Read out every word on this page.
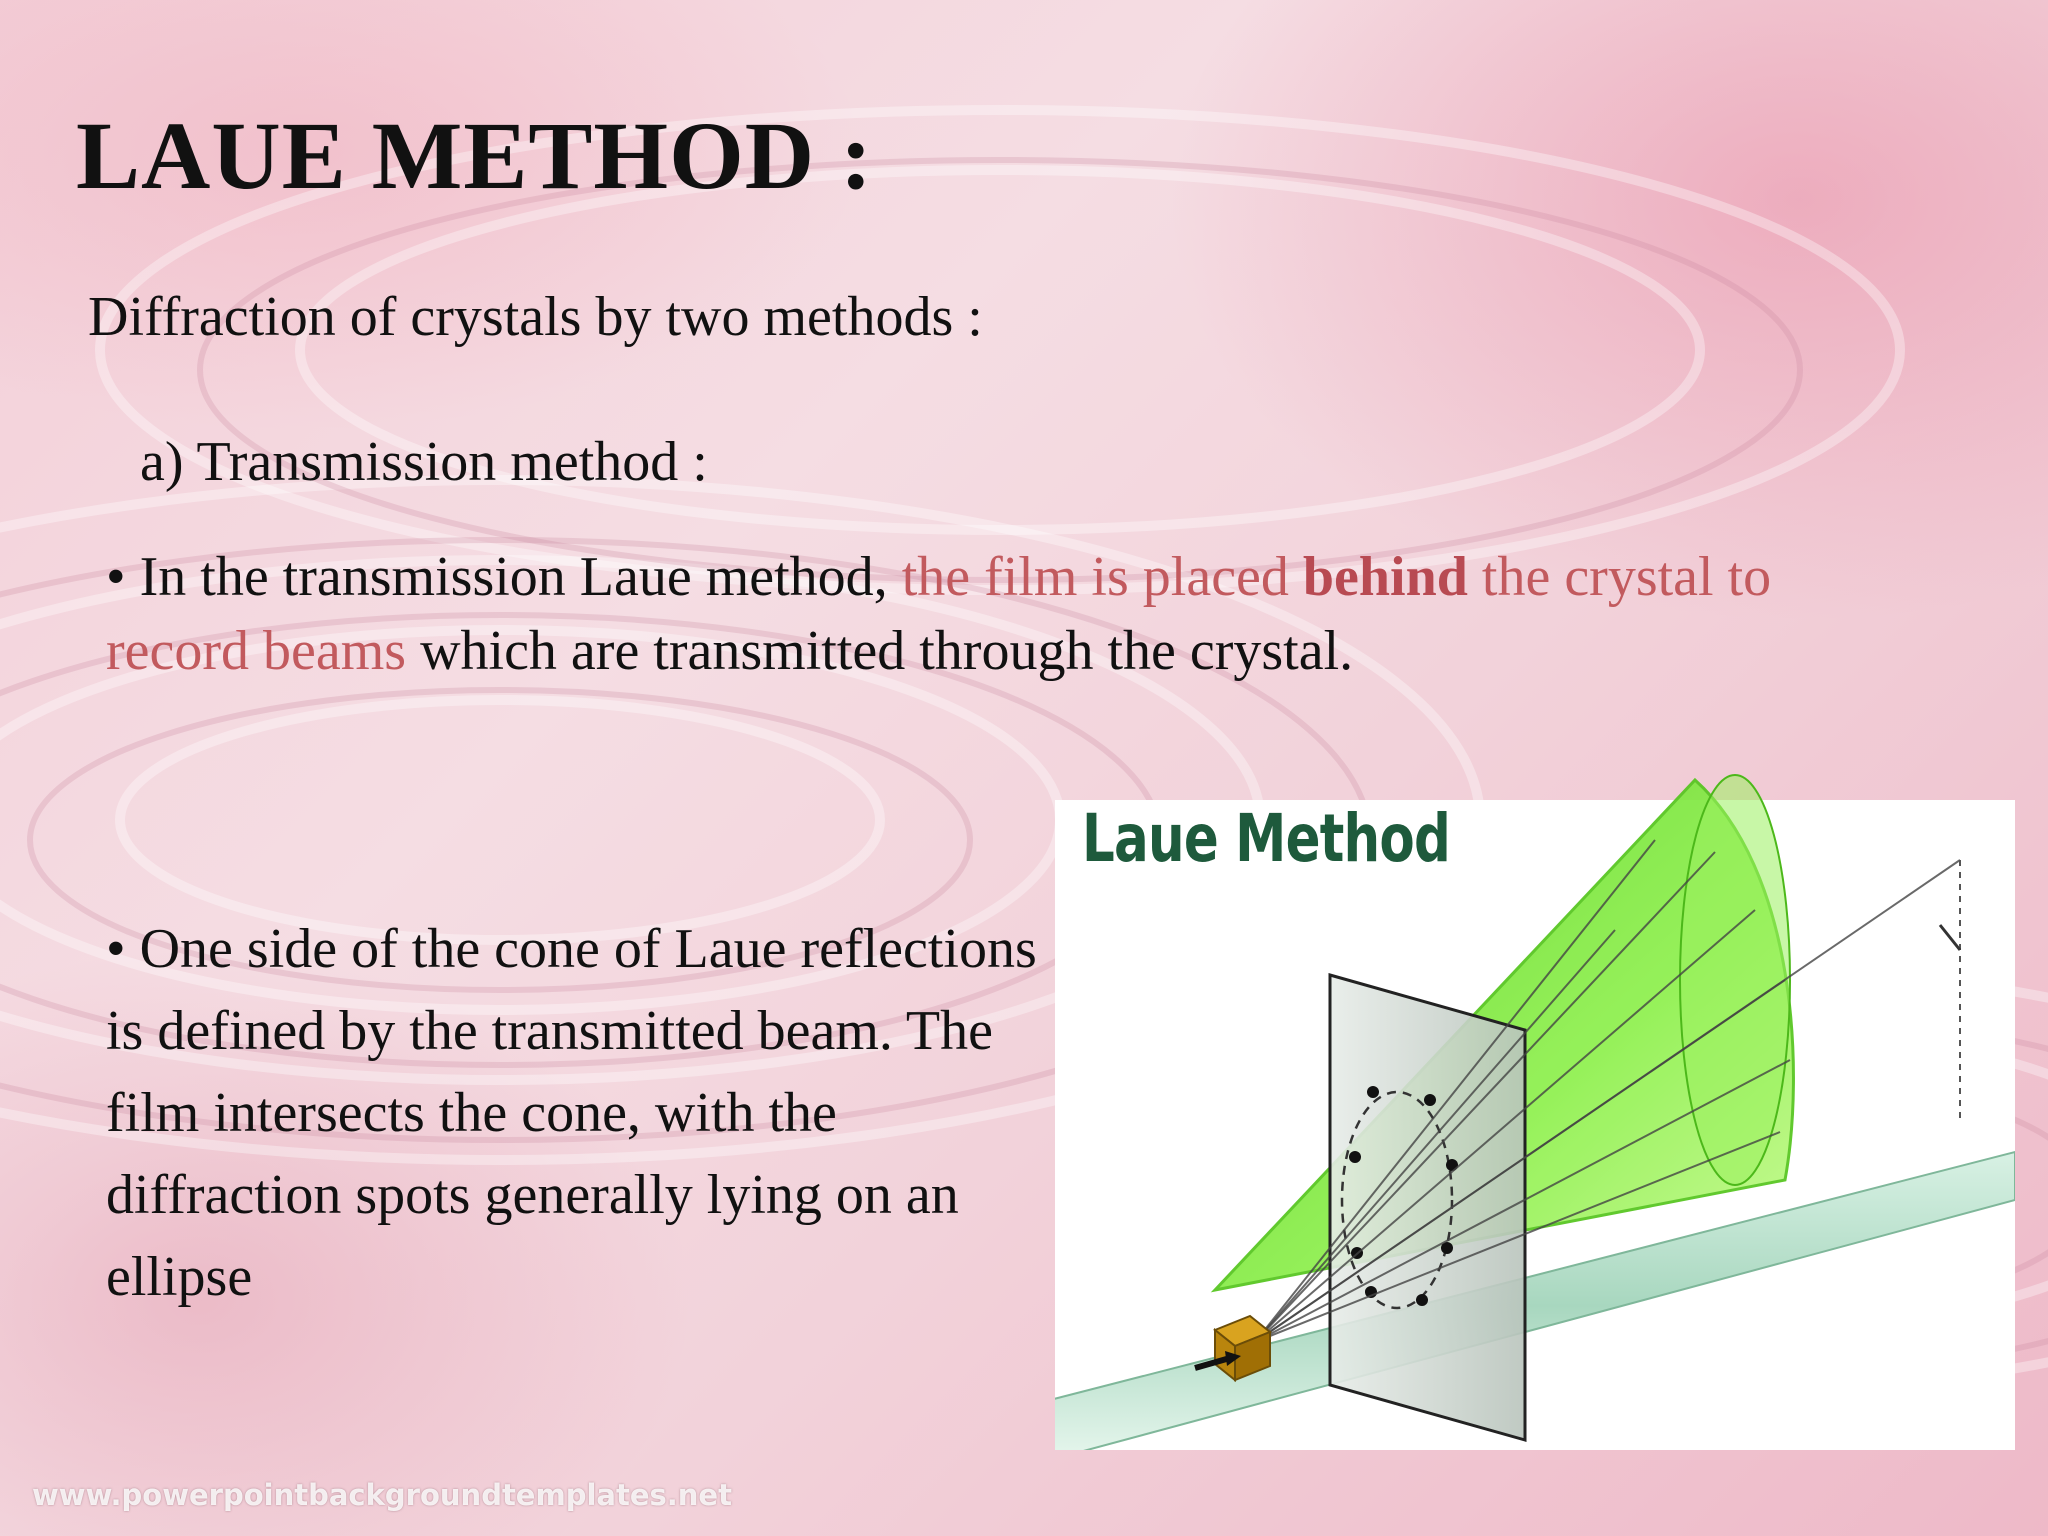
LAUE METHOD :
Diffraction of crystals by two methods :
a) Transmission method :
• In the transmission Laue method, the film is placed behind the crystal to record beams which are transmitted through the crystal.
• One side of the cone of Laue reflections is defined by the transmitted beam. The film intersects the cone, with the diffraction spots generally lying on an ellipse
Laue Method
www.powerpointbackgroundtemplates.net
